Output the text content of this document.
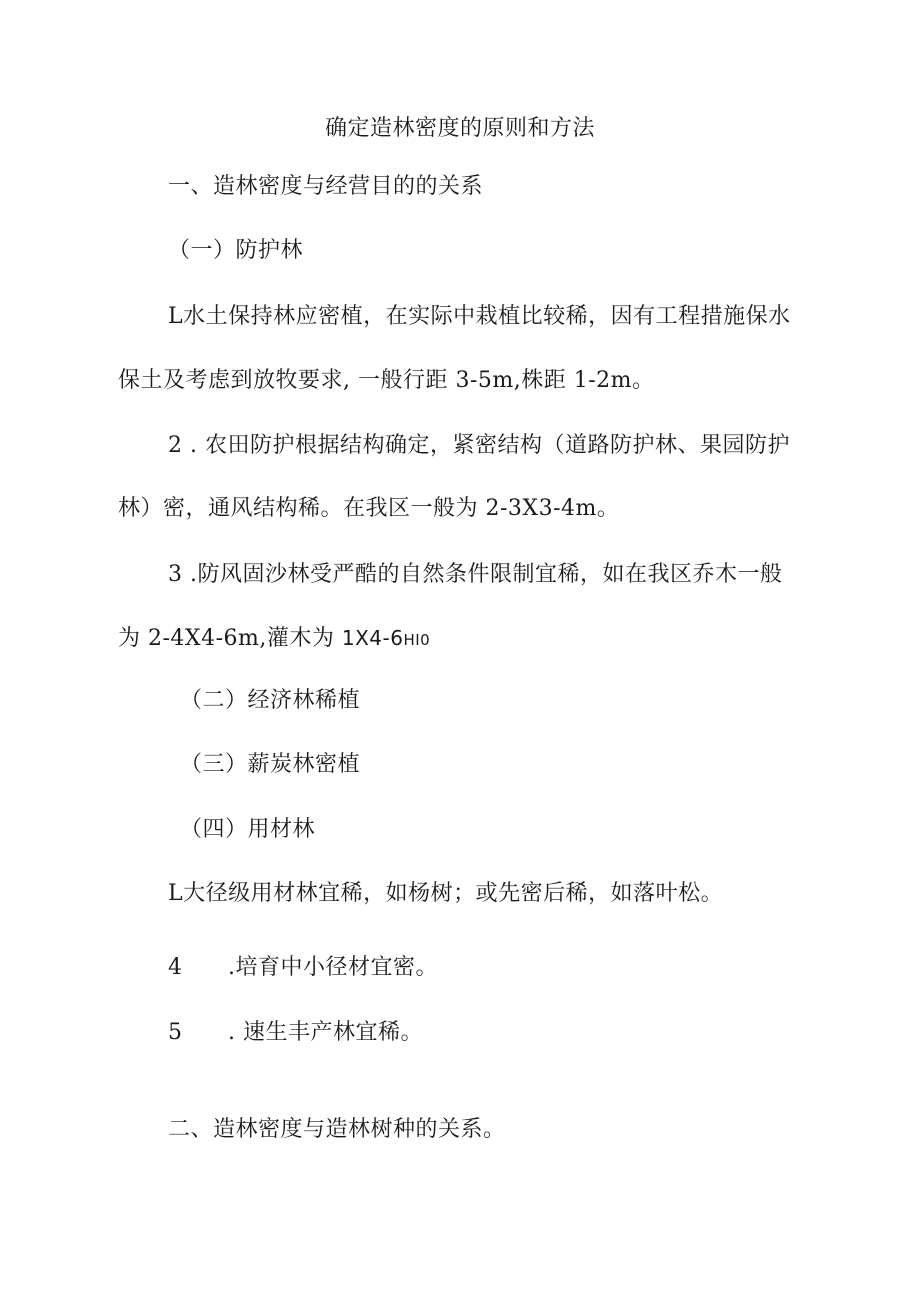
确定造林密度的原则和方法
一、造林密度与经营目的的关系
（一）防护林
L水土保持林应密植，在实际中栽植比较稀，因有工程措施保水
保土及考虑到放牧要求, 一般行距 3-5m,株距 1-2m。
2 . 农田防护根据结构确定，紧密结构（道路防护林、果园防护
林）密，通风结构稀。在我区一般为 2-3X3-4m。
3 .防风固沙林受严酷的自然条件限制宜稀，如在我区乔木一般
为 2-4X4-6m,灌木为 1X4-6HI0
（二）经济林稀植
（三）薪炭林密植
（四）用材林
L大径级用材林宜稀，如杨树；或先密后稀，如落叶松。
4 .培育中小径材宜密。
5 . 速生丰产林宜稀。
二、造林密度与造林树种的关系。
